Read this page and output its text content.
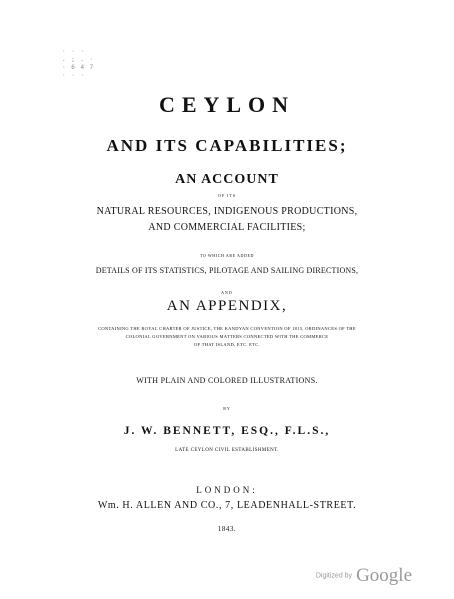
· · ·
. ; . ·
· 6 4 7
· · ·
CEYLON
AND ITS CAPABILITIES;
AN ACCOUNT
OF ITS
NATURAL RESOURCES, INDIGENOUS PRODUCTIONS,
AND COMMERCIAL FACILITIES;
TO WHICH ARE ADDED
DETAILS OF ITS STATISTICS, PILOTAGE AND SAILING DIRECTIONS,
AND
AN APPENDIX,
CONTAINING THE ROYAL CHARTER OF JUSTICE, THE KANDYAN CONVENTION OF 1815, ORDINANCES OF THE
COLONIAL GOVERNMENT ON VARIOUS MATTERS CONNECTED WITH THE COMMERCE
OF THAT ISLAND, ETC. ETC.
WITH PLAIN AND COLORED ILLUSTRATIONS.
BY
J. W. BENNETT, ESQ., F.L.S.,
LATE CEYLON CIVIL ESTABLISHMENT.
LONDON:
Wm. H. ALLEN AND CO., 7, LEADENHALL-STREET.
1843.
Digitized by Google
